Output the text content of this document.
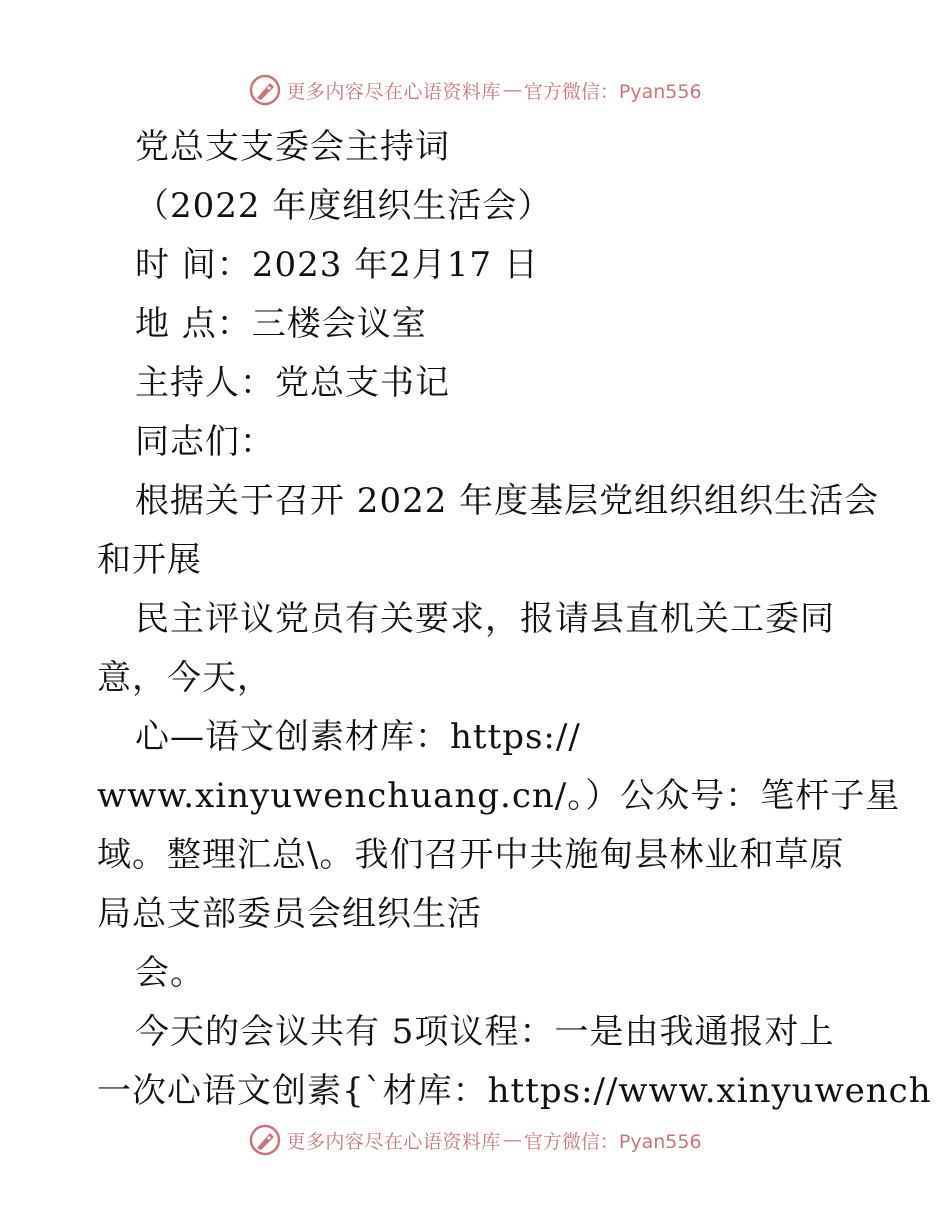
更多内容尽在心语资料库 — 官方微信：Pyan556
党总支支委会主持词
（2022 年度组织生活会）
时 间：2023 年2月17 日
地 点：三楼会议室
主持人：党总支书记
同志们：
根据关于召开 2022 年度基层党组织组织生活会
和开展
民主评议党员有关要求，报请县直机关工委同
意，今天，
心—语文创素材库：https://
www.xinyuwenchuang.cn/。）公众号：笔杆子星
域。整理汇总\。我们召开中共施甸县林业和草原
局总支部委员会组织生活
会。
今天的会议共有 5项议程：一是由我通报对上
一次心语文创素{`材库：https://www.xinyuwench
更多内容尽在心语资料库 — 官方微信：Pyan556
